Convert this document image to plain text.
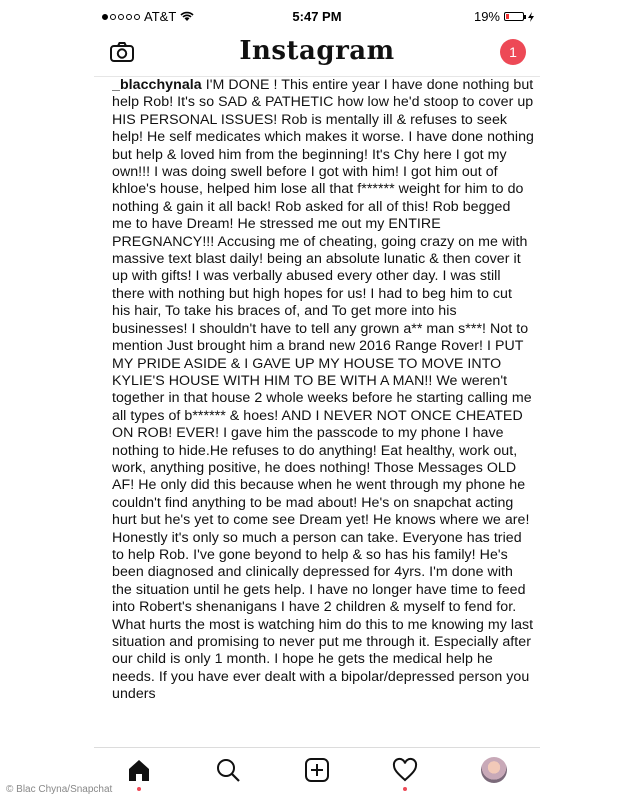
AT&T	5:47 PM	19%
Instagram	1
_blacchynala I'M DONE ! This entire year I have done nothing but help Rob! It's so SAD & PATHETIC how low he'd stoop to cover up HIS PERSONAL ISSUES! Rob is mentally ill & refuses to seek help! He self medicates which makes it worse. I have done nothing but help & loved him from the beginning! It's Chy here I got my own!!! I was doing swell before I got with him! I got him out of khloe's house, helped him lose all that f****** weight for him to do nothing & gain it all back! Rob asked for all of this! Rob begged me to have Dream! He stressed me out my ENTIRE PREGNANCY!!! Accusing me of cheating, going crazy on me with massive text blast daily! being an absolute lunatic & then cover it up with gifts! I was verbally abused every other day. I was still there with nothing but high hopes for us! I had to beg him to cut his hair, To take his braces of, and To get more into his businesses! I shouldn't have to tell any grown a** man s***! Not to mention Just brought him a brand new 2016 Range Rover! I PUT MY PRIDE ASIDE & I GAVE UP MY HOUSE TO MOVE INTO KYLIE'S HOUSE WITH HIM TO BE WITH A MAN!! We weren't together in that house 2 whole weeks before he starting calling me all types of b****** & hoes! AND I NEVER NOT ONCE CHEATED ON ROB! EVER! I gave him the passcode to my phone I have nothing to hide.He refuses to do anything! Eat healthy, work out, work, anything positive, he does nothing! Those Messages OLD AF! He only did this because when he went through my phone he couldn't find anything to be mad about! He's on snapchat acting hurt but he's yet to come see Dream yet! He knows where we are! Honestly it's only so much a person can take. Everyone has tried to help Rob. I've gone beyond to help & so has his family! He's been diagnosed and clinically depressed for 4yrs. I'm done with the situation until he gets help. I have no longer have time to feed into Robert's shenanigans I have 2 children & myself to fend for. What hurts the most is watching him do this to me knowing my last situation and promising to never put me through it. Especially after our child is only 1 month. I hope he gets the medical help he needs. If you have ever dealt with a bipolar/depressed person you unders
© Blac Chyna/Snapchat
